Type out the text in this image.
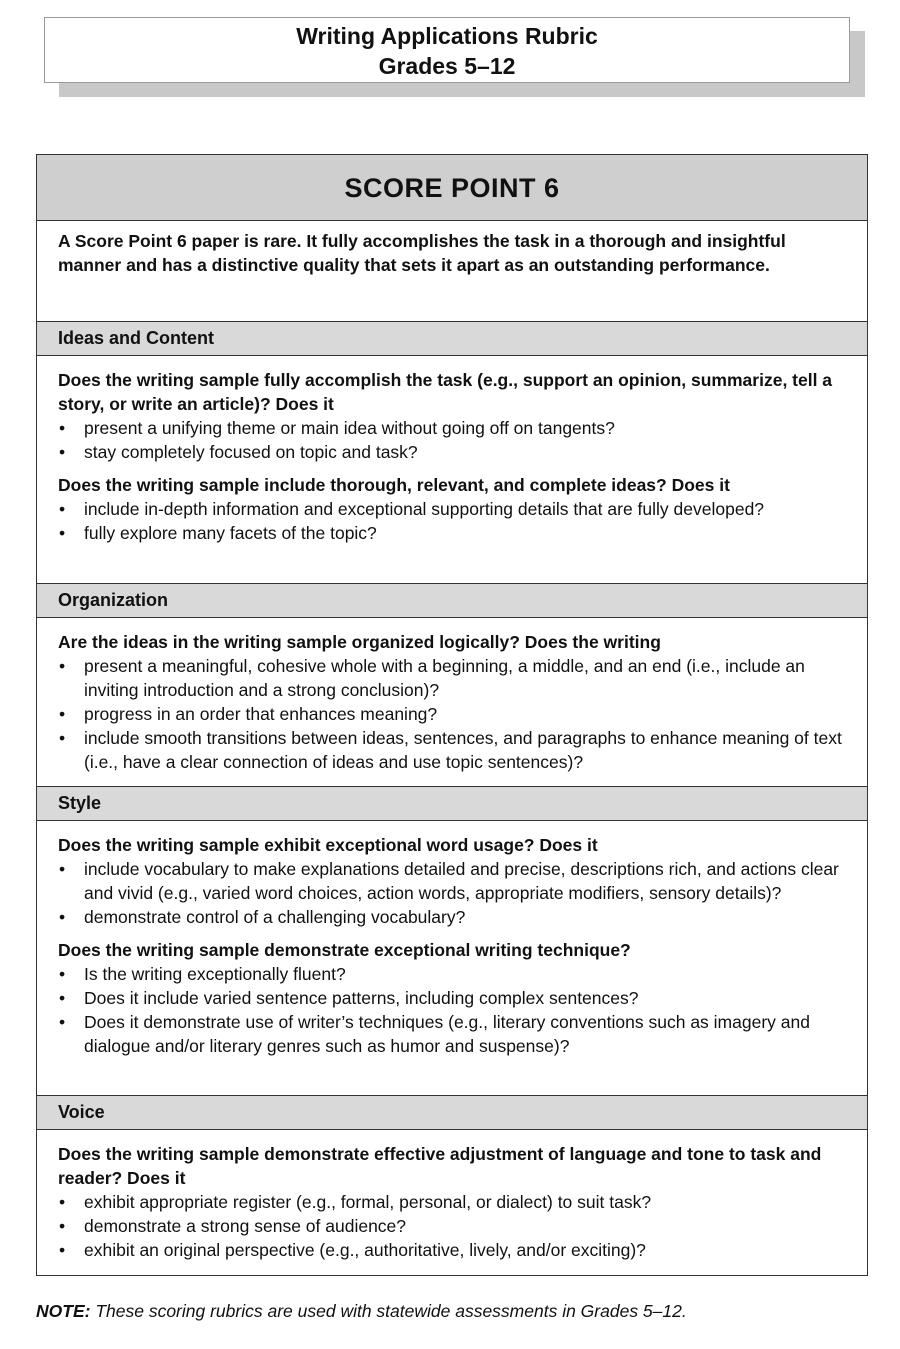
Writing Applications Rubric
Grades 5–12
SCORE POINT 6
A Score Point 6 paper is rare. It fully accomplishes the task in a thorough and insightful manner and has a distinctive quality that sets it apart as an outstanding performance.
Ideas and Content
Does the writing sample fully accomplish the task (e.g., support an opinion, summarize, tell a story, or write an article)? Does it
• present a unifying theme or main idea without going off on tangents?
• stay completely focused on topic and task?
Does the writing sample include thorough, relevant, and complete ideas? Does it
• include in-depth information and exceptional supporting details that are fully developed?
• fully explore many facets of the topic?
Organization
Are the ideas in the writing sample organized logically? Does the writing
• present a meaningful, cohesive whole with a beginning, a middle, and an end (i.e., include an inviting introduction and a strong conclusion)?
• progress in an order that enhances meaning?
• include smooth transitions between ideas, sentences, and paragraphs to enhance meaning of text (i.e., have a clear connection of ideas and use topic sentences)?
Style
Does the writing sample exhibit exceptional word usage? Does it
• include vocabulary to make explanations detailed and precise, descriptions rich, and actions clear and vivid (e.g., varied word choices, action words, appropriate modifiers, sensory details)?
• demonstrate control of a challenging vocabulary?
Does the writing sample demonstrate exceptional writing technique?
• Is the writing exceptionally fluent?
• Does it include varied sentence patterns, including complex sentences?
• Does it demonstrate use of writer’s techniques (e.g., literary conventions such as imagery and dialogue and/or literary genres such as humor and suspense)?
Voice
Does the writing sample demonstrate effective adjustment of language and tone to task and reader? Does it
• exhibit appropriate register (e.g., formal, personal, or dialect) to suit task?
• demonstrate a strong sense of audience?
• exhibit an original perspective (e.g., authoritative, lively, and/or exciting)?
NOTE: These scoring rubrics are used with statewide assessments in Grades 5–12.
